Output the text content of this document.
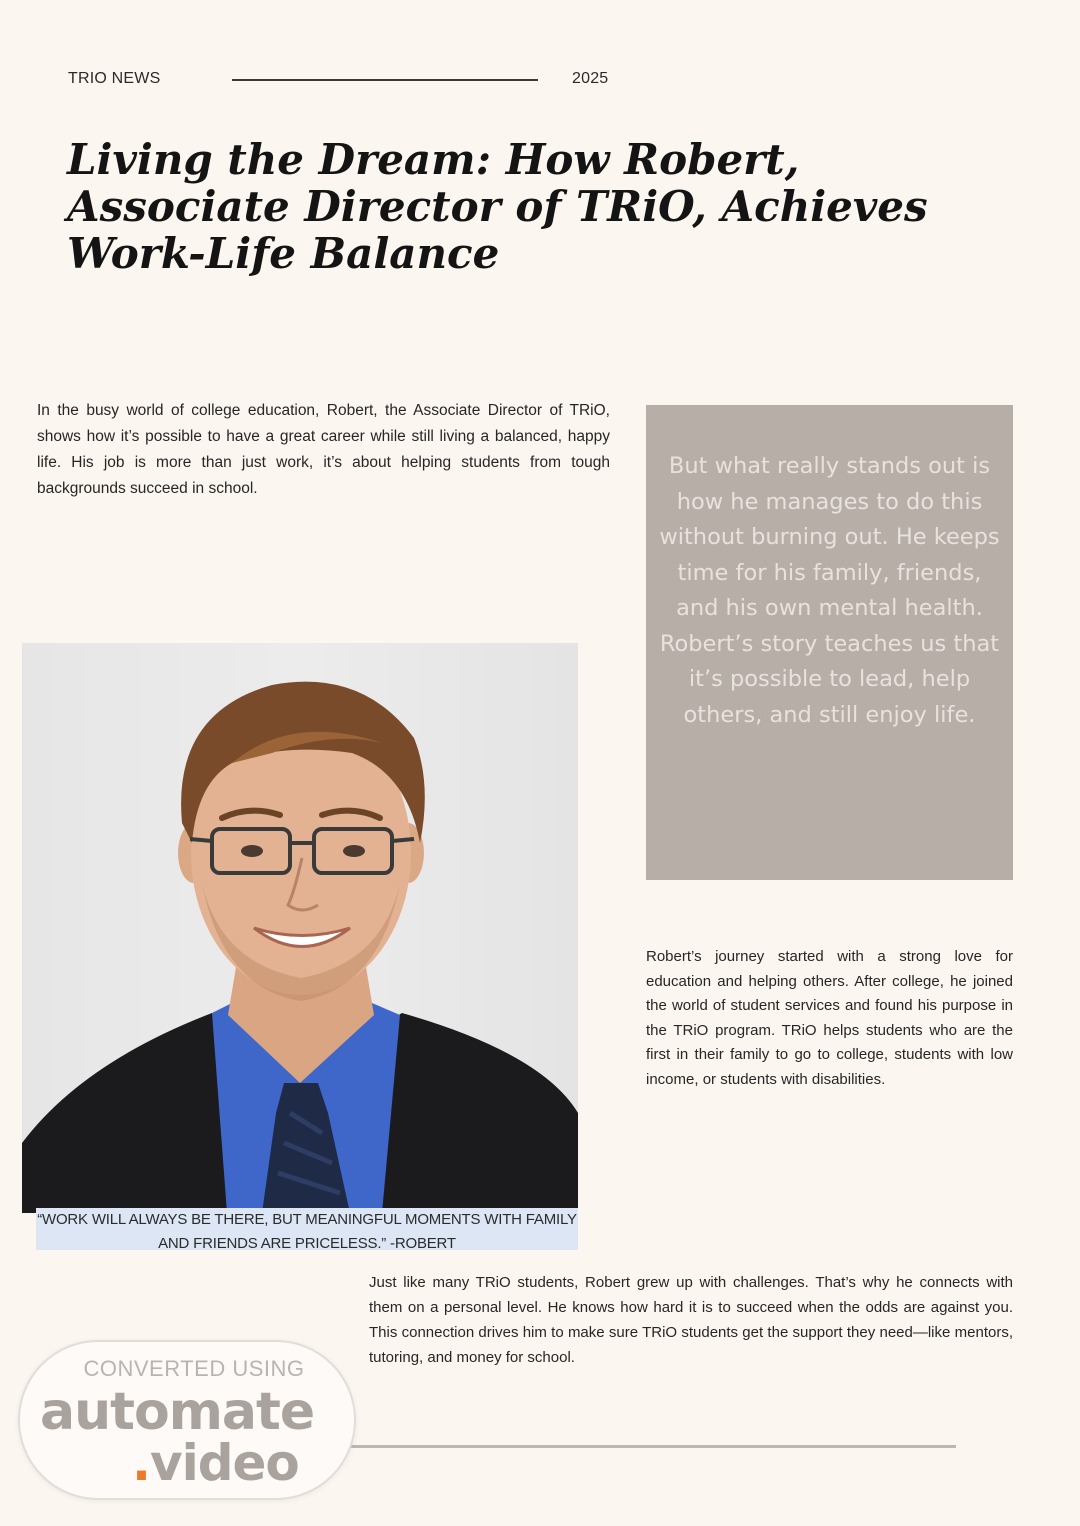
TRIO NEWS	2025
Living the Dream: How Robert, Associate Director of TRiO, Achieves Work-Life Balance

In the busy world of college education, Robert, the Associate Director of TRiO, shows how it’s possible to have a great career while still living a balanced, happy life. His job is more than just work, it’s about helping students from tough backgrounds succeed in school.

But what really stands out is how he manages to do this without burning out. He keeps time for his family, friends, and his own mental health. Robert’s story teaches us that it’s possible to lead, help others, and still enjoy life.
“WORK WILL ALWAYS BE THERE, BUT MEANINGFUL MOMENTS WITH FAMILY AND FRIENDS ARE PRICELESS.” -ROBERT

Robert’s journey started with a strong love for education and helping others. After college, he joined the world of student services and found his purpose in the TRiO program. TRiO helps students who are the first in their family to go to college, students with low income, or students with disabilities.

Just like many TRiO students, Robert grew up with challenges. That’s why he connects with them on a personal level. He knows how hard it is to succeed when the odds are against you. This connection drives him to make sure TRiO students get the support they need—like mentors, tutoring, and money for school.

CONVERTED USING
automate
.video
